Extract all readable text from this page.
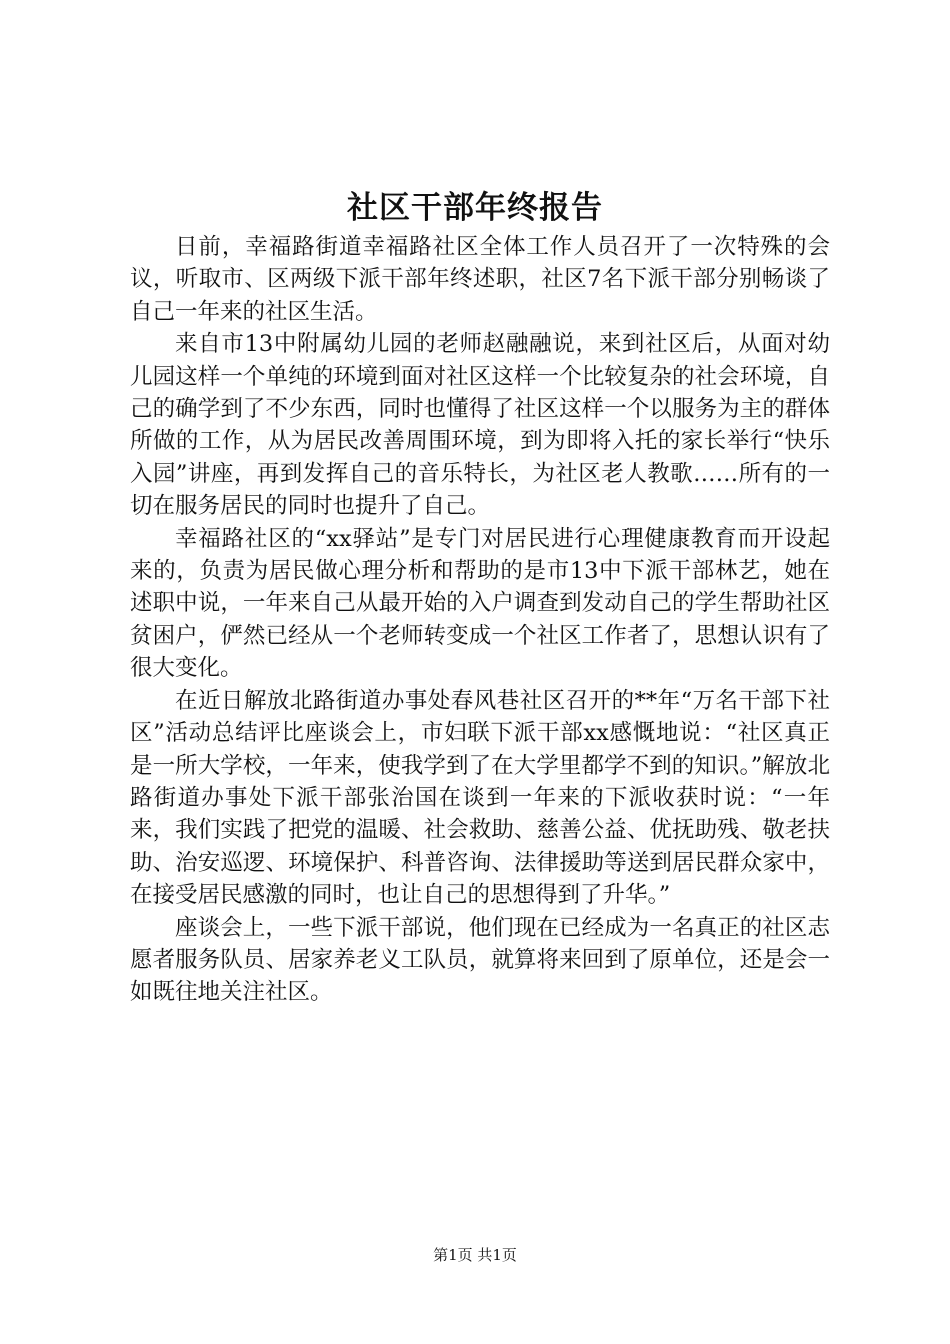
社区干部年终报告

日前，幸福路街道幸福路社区全体工作人员召开了一次特殊的会议，听取市、区两级下派干部年终述职，社区7名下派干部分别畅谈了自己一年来的社区生活。

来自市13中附属幼儿园的老师赵融融说，来到社区后，从面对幼儿园这样一个单纯的环境到面对社区这样一个比较复杂的社会环境，自己的确学到了不少东西，同时也懂得了社区这样一个以服务为主的群体所做的工作，从为居民改善周围环境，到为即将入托的家长举行“快乐入园”讲座，再到发挥自己的音乐特长，为社区老人教歌……所有的一切在服务居民的同时也提升了自己。

幸福路社区的“xx驿站”是专门对居民进行心理健康教育而开设起来的，负责为居民做心理分析和帮助的是市13中下派干部林艺，她在述职中说，一年来自己从最开始的入户调查到发动自己的学生帮助社区贫困户，俨然已经从一个老师转变成一个社区工作者了，思想认识有了很大变化。

在近日解放北路街道办事处春风巷社区召开的**年“万名干部下社区”活动总结评比座谈会上，市妇联下派干部xx感慨地说：“社区真正是一所大学校，一年来，使我学到了在大学里都学不到的知识。”解放北路街道办事处下派干部张治国在谈到一年来的下派收获时说：“一年来，我们实践了把党的温暖、社会救助、慈善公益、优抚助残、敬老扶助、治安巡逻、环境保护、科普咨询、法律援助等送到居民群众家中，在接受居民感激的同时，也让自己的思想得到了升华。”

座谈会上，一些下派干部说，他们现在已经成为一名真正的社区志愿者服务队员、居家养老义工队员，就算将来回到了原单位，还是会一如既往地关注社区。

第1页 共1页
